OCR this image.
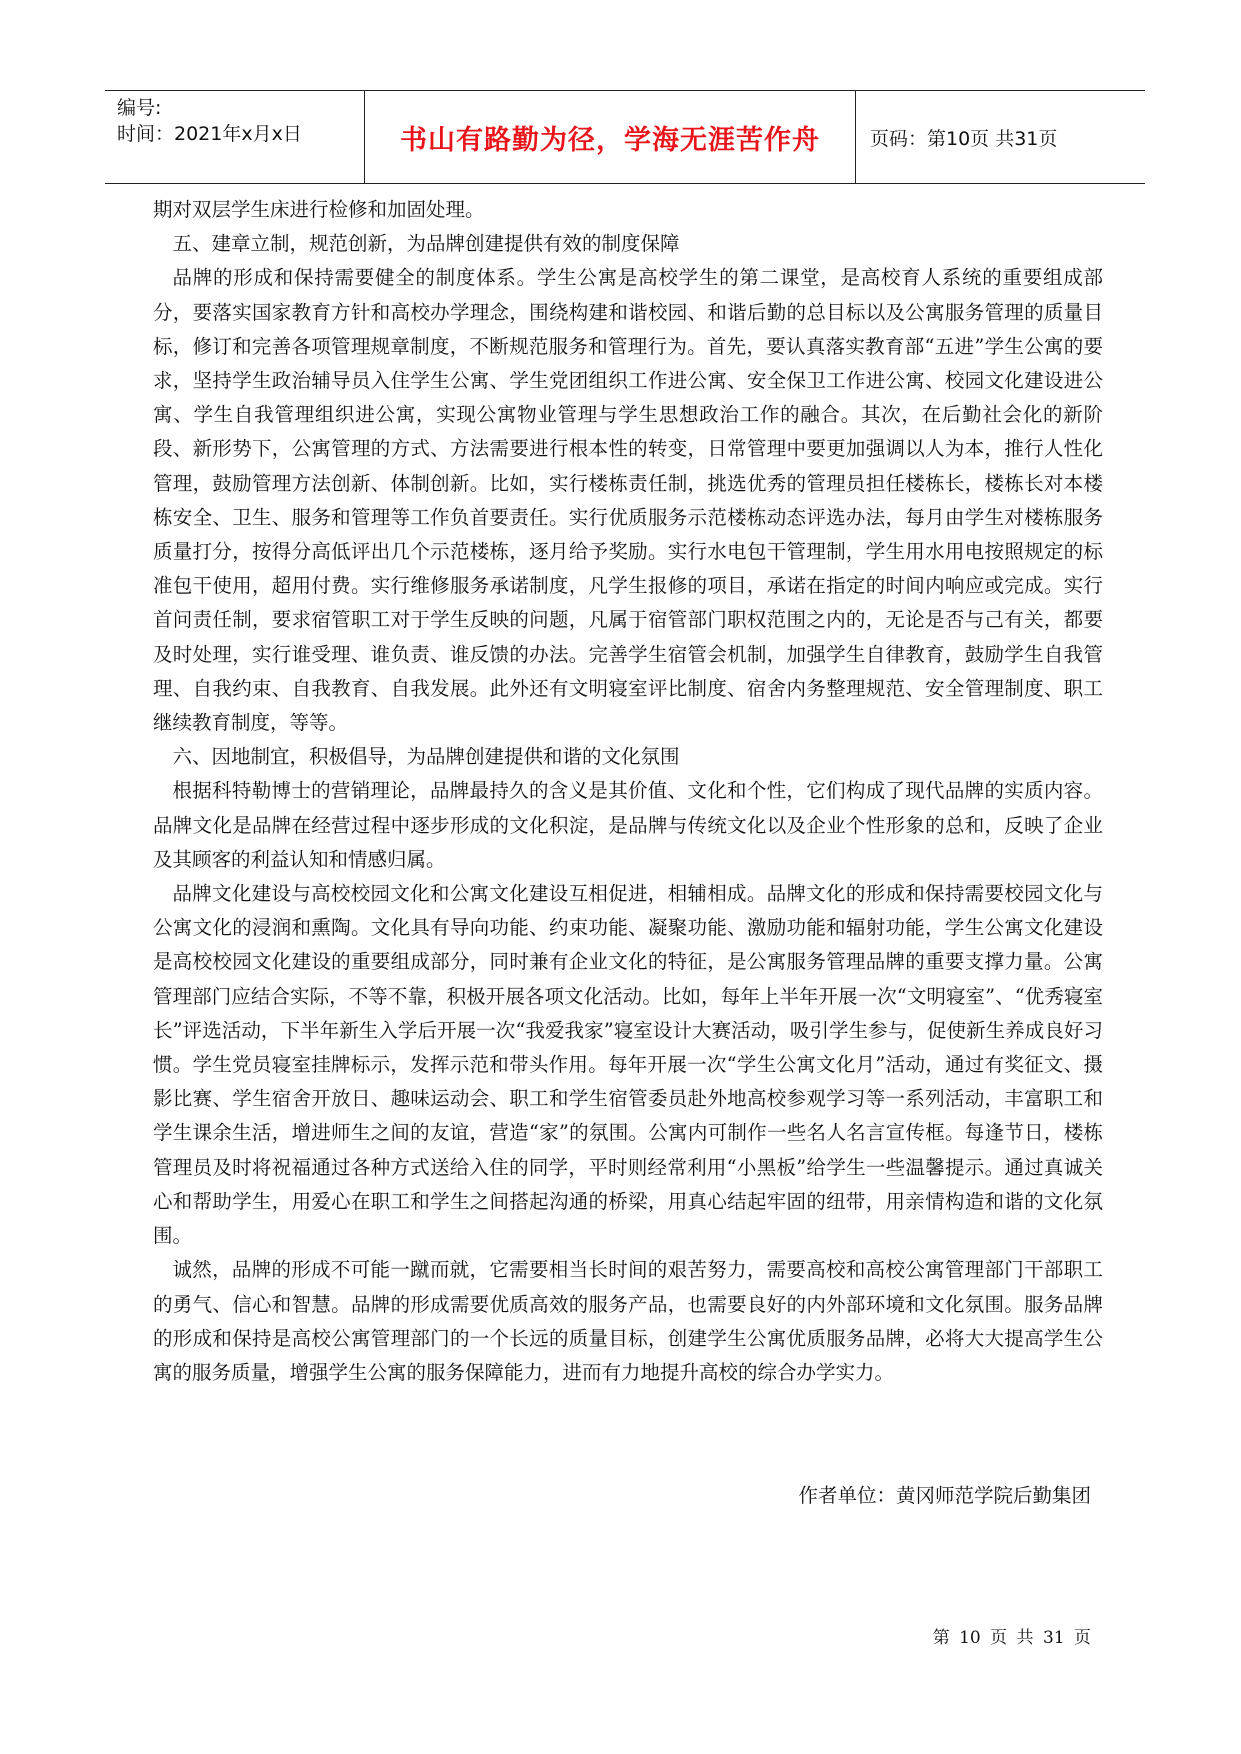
编号:
时间：2021年x月x日	书山有路勤为径，学海无涯苦作舟	页码：第10页 共31页

期对双层学生床进行检修和加固处理。

五、建章立制，规范创新，为品牌创建提供有效的制度保障

品牌的形成和保持需要健全的制度体系。学生公寓是高校学生的第二课堂，是高校育人系统的重要组成部分，要落实国家教育方针和高校办学理念，围绕构建和谐校园、和谐后勤的总目标以及公寓服务管理的质量目标，修订和完善各项管理规章制度，不断规范服务和管理行为。首先，要认真落实教育部“五进”学生公寓的要求，坚持学生政治辅导员入住学生公寓、学生党团组织工作进公寓、安全保卫工作进公寓、校园文化建设进公寓、学生自我管理组织进公寓，实现公寓物业管理与学生思想政治工作的融合。其次，在后勤社会化的新阶段、新形势下，公寓管理的方式、方法需要进行根本性的转变，日常管理中要更加强调以人为本，推行人性化管理，鼓励管理方法创新、体制创新。比如，实行楼栋责任制，挑选优秀的管理员担任楼栋长，楼栋长对本楼栋安全、卫生、服务和管理等工作负首要责任。实行优质服务示范楼栋动态评选办法，每月由学生对楼栋服务质量打分，按得分高低评出几个示范楼栋，逐月给予奖励。实行水电包干管理制，学生用水用电按照规定的标准包干使用，超用付费。实行维修服务承诺制度，凡学生报修的项目，承诺在指定的时间内响应或完成。实行首问责任制，要求宿管职工对于学生反映的问题，凡属于宿管部门职权范围之内的，无论是否与己有关，都要及时处理，实行谁受理、谁负责、谁反馈的办法。完善学生宿管会机制，加强学生自律教育，鼓励学生自我管理、自我约束、自我教育、自我发展。此外还有文明寝室评比制度、宿舍内务整理规范、安全管理制度、职工继续教育制度，等等。

六、因地制宜，积极倡导，为品牌创建提供和谐的文化氛围

根据科特勒博士的营销理论，品牌最持久的含义是其价值、文化和个性，它们构成了现代品牌的实质内容。品牌文化是品牌在经营过程中逐步形成的文化积淀，是品牌与传统文化以及企业个性形象的总和，反映了企业及其顾客的利益认知和情感归属。

品牌文化建设与高校校园文化和公寓文化建设互相促进，相辅相成。品牌文化的形成和保持需要校园文化与公寓文化的浸润和熏陶。文化具有导向功能、约束功能、凝聚功能、激励功能和辐射功能，学生公寓文化建设是高校校园文化建设的重要组成部分，同时兼有企业文化的特征，是公寓服务管理品牌的重要支撑力量。公寓管理部门应结合实际，不等不靠，积极开展各项文化活动。比如，每年上半年开展一次“文明寝室”、“优秀寝室长”评选活动，下半年新生入学后开展一次“我爱我家”寝室设计大赛活动，吸引学生参与，促使新生养成良好习惯。学生党员寝室挂牌标示，发挥示范和带头作用。每年开展一次“学生公寓文化月”活动，通过有奖征文、摄影比赛、学生宿舍开放日、趣味运动会、职工和学生宿管委员赴外地高校参观学习等一系列活动，丰富职工和学生课余生活，增进师生之间的友谊，营造“家”的氛围。公寓内可制作一些名人名言宣传框。每逢节日，楼栋管理员及时将祝福通过各种方式送给入住的同学，平时则经常利用“小黑板”给学生一些温馨提示。通过真诚关心和帮助学生，用爱心在职工和学生之间搭起沟通的桥梁，用真心结起牢固的纽带，用亲情构造和谐的文化氛围。

诚然，品牌的形成不可能一蹴而就，它需要相当长时间的艰苦努力，需要高校和高校公寓管理部门干部职工的勇气、信心和智慧。品牌的形成需要优质高效的服务产品，也需要良好的内外部环境和文化氛围。服务品牌的形成和保持是高校公寓管理部门的一个长远的质量目标，创建学生公寓优质服务品牌，必将大大提高学生公寓的服务质量，增强学生公寓的服务保障能力，进而有力地提升高校的综合办学实力。

作者单位：黄冈师范学院后勤集团
第 10 页 共 31 页
